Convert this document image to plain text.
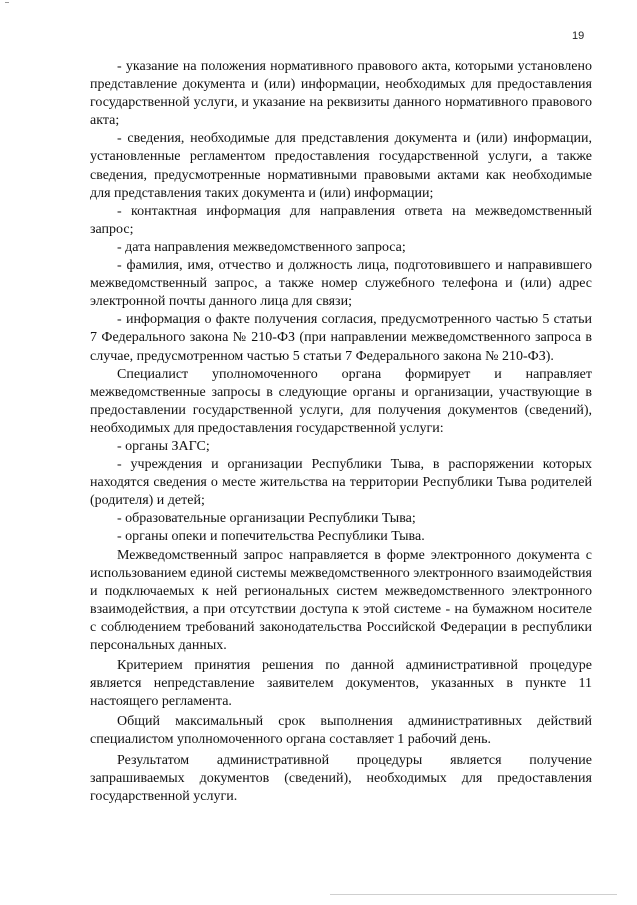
19

- указание на положения нормативного правового акта, которыми установлено представление документа и (или) информации, необходимых для предоставления государственной услуги, и указание на реквизиты данного нормативного правового акта;

- сведения, необходимые для представления документа и (или) информации, установленные регламентом предоставления государственной услуги, а также сведения, предусмотренные нормативными правовыми актами как необходимые для представления таких документа и (или) информации;

- контактная информация для направления ответа на межведомственный запрос;

- дата направления межведомственного запроса;

- фамилия, имя, отчество и должность лица, подготовившего и направившего межведомственный запрос, а также номер служебного телефона и (или) адрес электронной почты данного лица для связи;

- информация о факте получения согласия, предусмотренного частью 5 статьи 7 Федерального закона № 210-ФЗ (при направлении межведомственного запроса в случае, предусмотренном частью 5 статьи 7 Федерального закона № 210-ФЗ).

Специалист уполномоченного органа формирует и направляет межведомственные запросы в следующие органы и организации, участвующие в предоставлении государственной услуги, для получения документов (сведений), необходимых для предоставления государственной услуги:

- органы ЗАГС;

- учреждения и организации Республики Тыва, в распоряжении которых находятся сведения о месте жительства на территории Республики Тыва родителей (родителя) и детей;

- образовательные организации Республики Тыва;

- органы опеки и попечительства Республики Тыва.

Межведомственный запрос направляется в форме электронного документа с использованием единой системы межведомственного электронного взаимодействия и подключаемых к ней региональных систем межведомственного электронного взаимодействия, а при отсутствии доступа к этой системе - на бумажном носителе с соблюдением требований законодательства Российской Федерации в республики персональных данных.

Критерием принятия решения по данной административной процедуре является непредставление заявителем документов, указанных в пункте 11 настоящего регламента.

Общий максимальный срок выполнения административных действий специалистом уполномоченного органа составляет 1 рабочий день.

Результатом административной процедуры является получение запрашиваемых документов (сведений), необходимых для предоставления государственной услуги.
